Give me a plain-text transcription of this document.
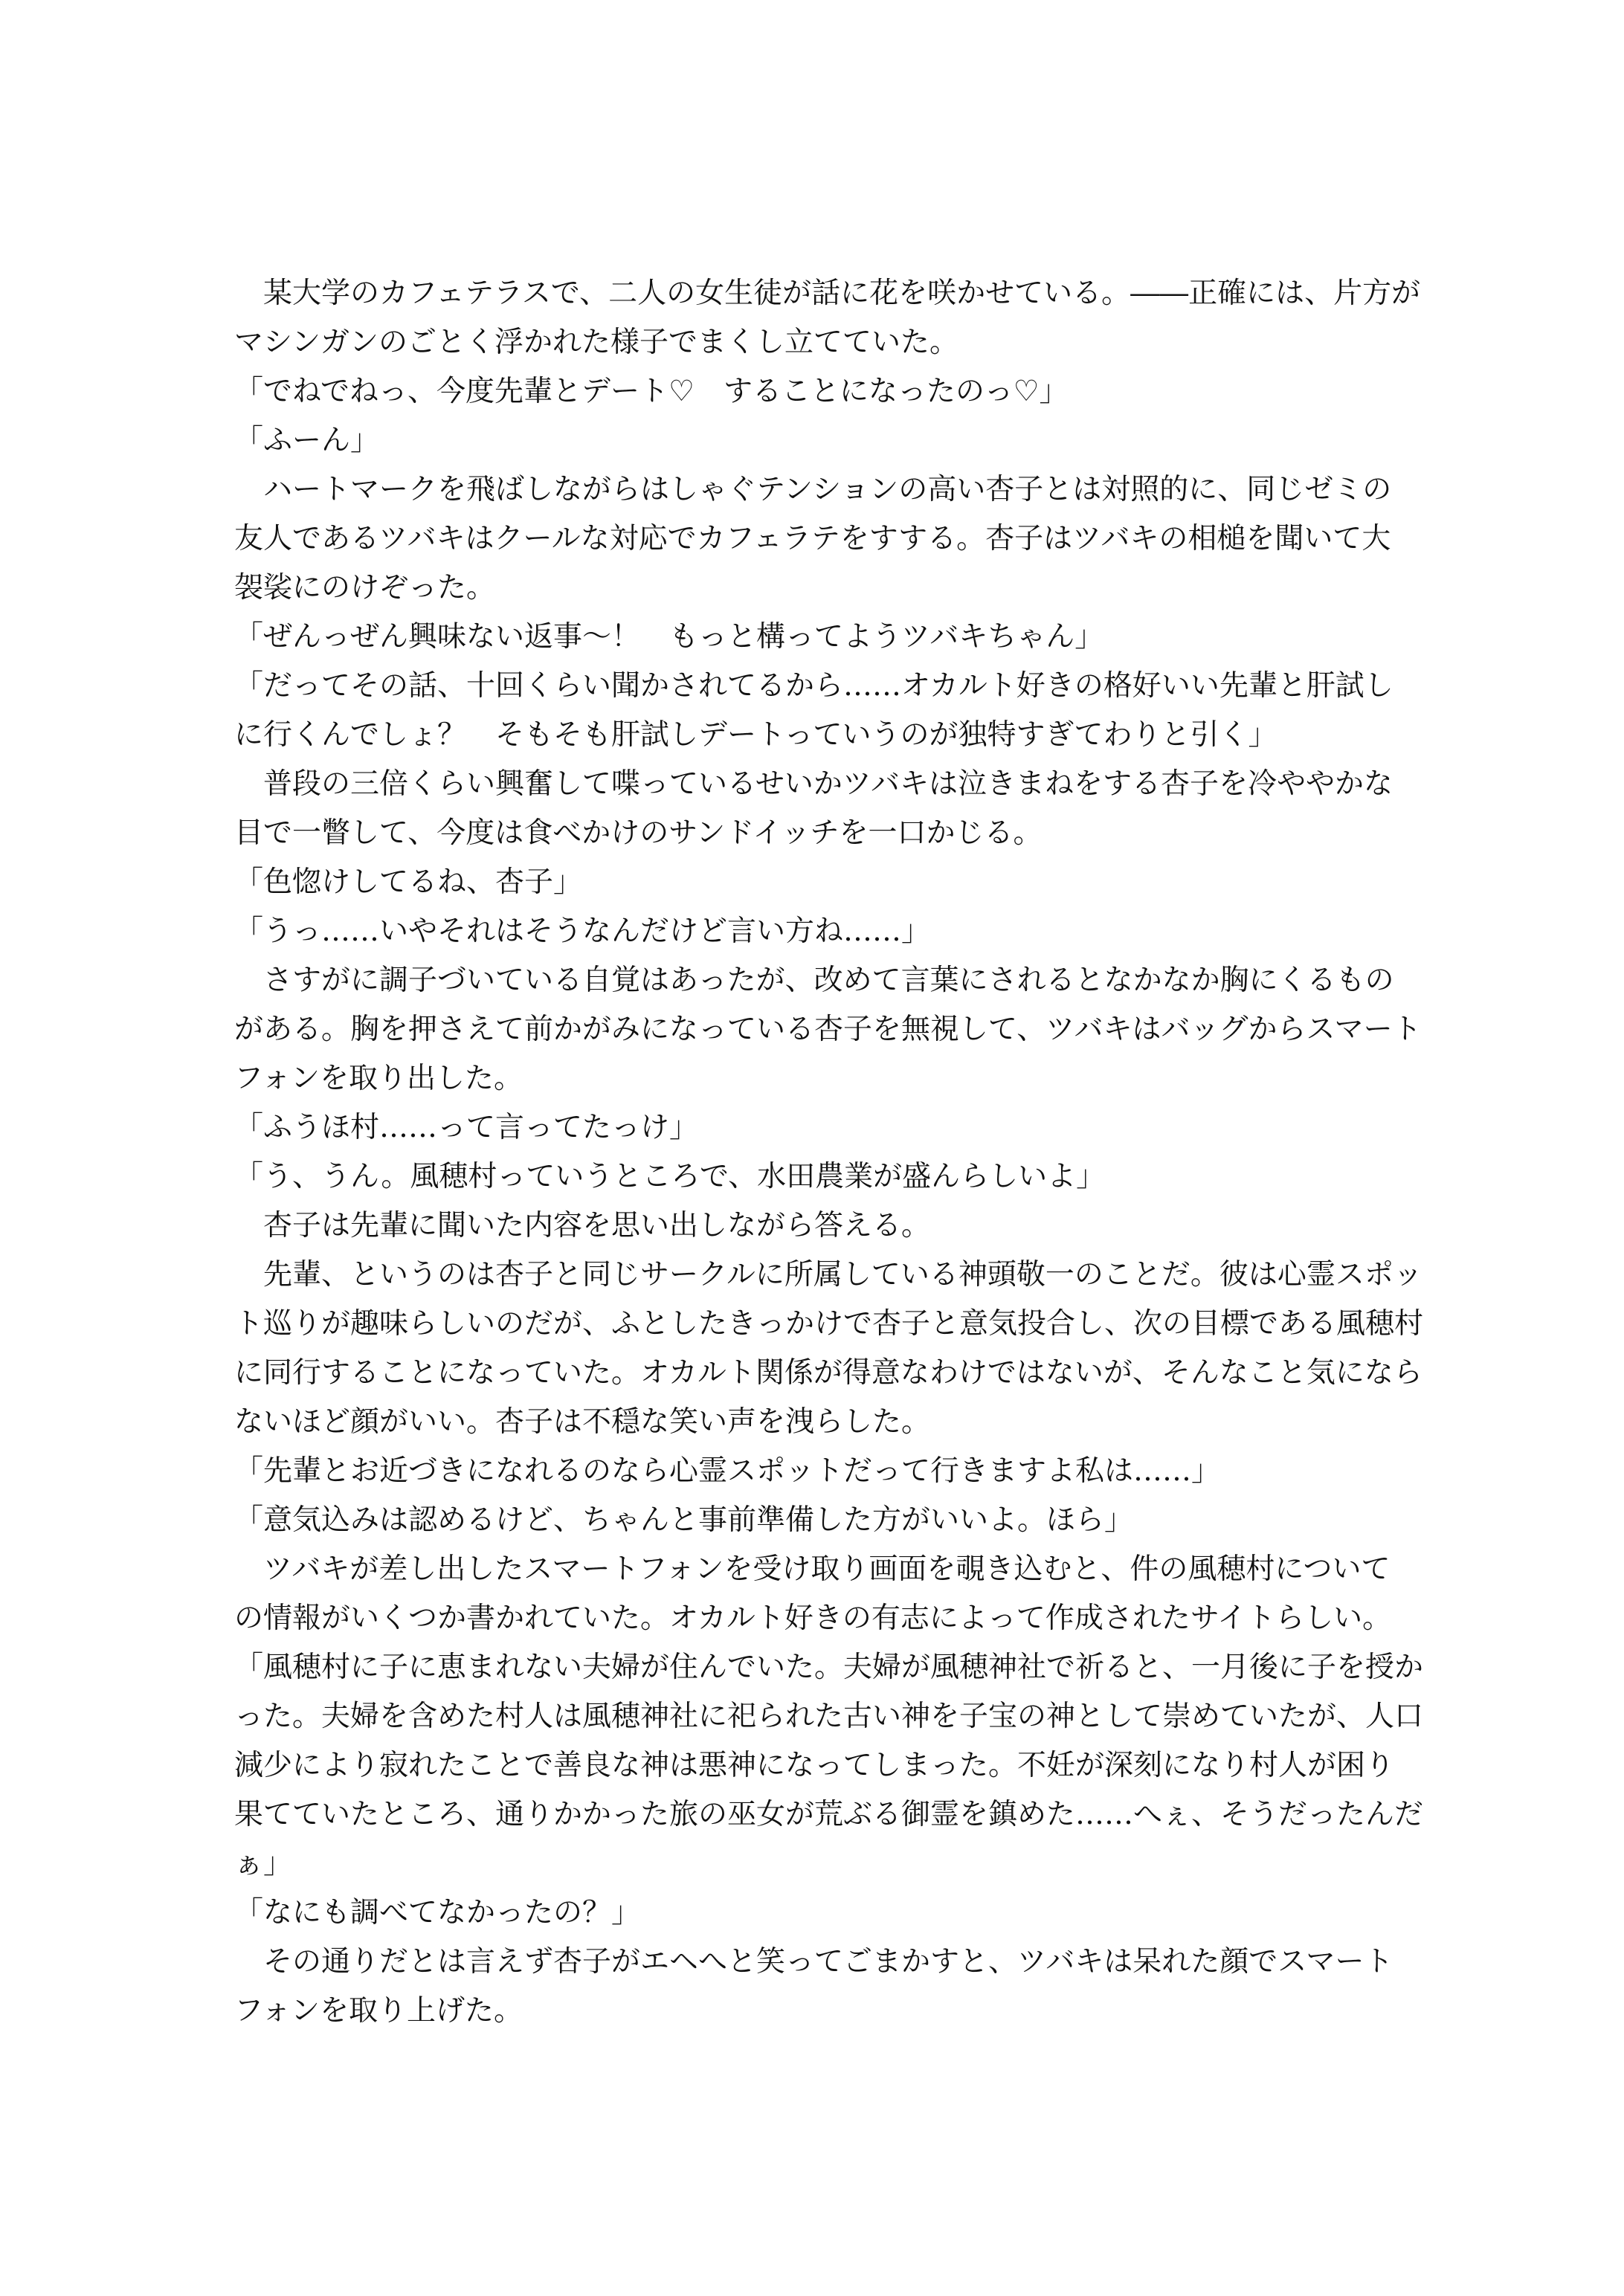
　某大学のカフェテラスで、二人の女生徒が話に花を咲かせている。――正確には、片方が
マシンガンのごとく浮かれた様子でまくし立てていた。
「でねでねっ、今度先輩とデート♡　することになったのっ♡」
「ふーん」
　ハートマークを飛ばしながらはしゃぐテンションの高い杏子とは対照的に、同じゼミの
友人であるツバキはクールな対応でカフェラテをすする。杏子はツバキの相槌を聞いて大
袈裟にのけぞった。
「ぜんっぜん興味ない返事～！　もっと構ってようツバキちゃん」
「だってその話、十回くらい聞かされてるから……オカルト好きの格好いい先輩と肝試し
に行くんでしょ？　そもそも肝試しデートっていうのが独特すぎてわりと引く」
　普段の三倍くらい興奮して喋っているせいかツバキは泣きまねをする杏子を冷ややかな
目で一瞥して、今度は食べかけのサンドイッチを一口かじる。
「色惚けしてるね、杏子」
「うっ……いやそれはそうなんだけど言い方ね……」
　さすがに調子づいている自覚はあったが、改めて言葉にされるとなかなか胸にくるもの
がある。胸を押さえて前かがみになっている杏子を無視して、ツバキはバッグからスマート
フォンを取り出した。
「ふうほ村……って言ってたっけ」
「う、うん。風穂村っていうところで、水田農業が盛んらしいよ」
　杏子は先輩に聞いた内容を思い出しながら答える。
　先輩、というのは杏子と同じサークルに所属している神頭敬一のことだ。彼は心霊スポッ
ト巡りが趣味らしいのだが、ふとしたきっかけで杏子と意気投合し、次の目標である風穂村
に同行することになっていた。オカルト関係が得意なわけではないが、そんなこと気になら
ないほど顔がいい。杏子は不穏な笑い声を洩らした。
「先輩とお近づきになれるのなら心霊スポットだって行きますよ私は……」
「意気込みは認めるけど、ちゃんと事前準備した方がいいよ。ほら」
　ツバキが差し出したスマートフォンを受け取り画面を覗き込むと、件の風穂村について
の情報がいくつか書かれていた。オカルト好きの有志によって作成されたサイトらしい。
「風穂村に子に恵まれない夫婦が住んでいた。夫婦が風穂神社で祈ると、一月後に子を授か
った。夫婦を含めた村人は風穂神社に祀られた古い神を子宝の神として崇めていたが、人口
減少により寂れたことで善良な神は悪神になってしまった。不妊が深刻になり村人が困り
果てていたところ、通りかかった旅の巫女が荒ぶる御霊を鎮めた……へぇ、そうだったんだ
ぁ」
「なにも調べてなかったの？」
　その通りだとは言えず杏子がエヘへと笑ってごまかすと、ツバキは呆れた顔でスマート
フォンを取り上げた。
